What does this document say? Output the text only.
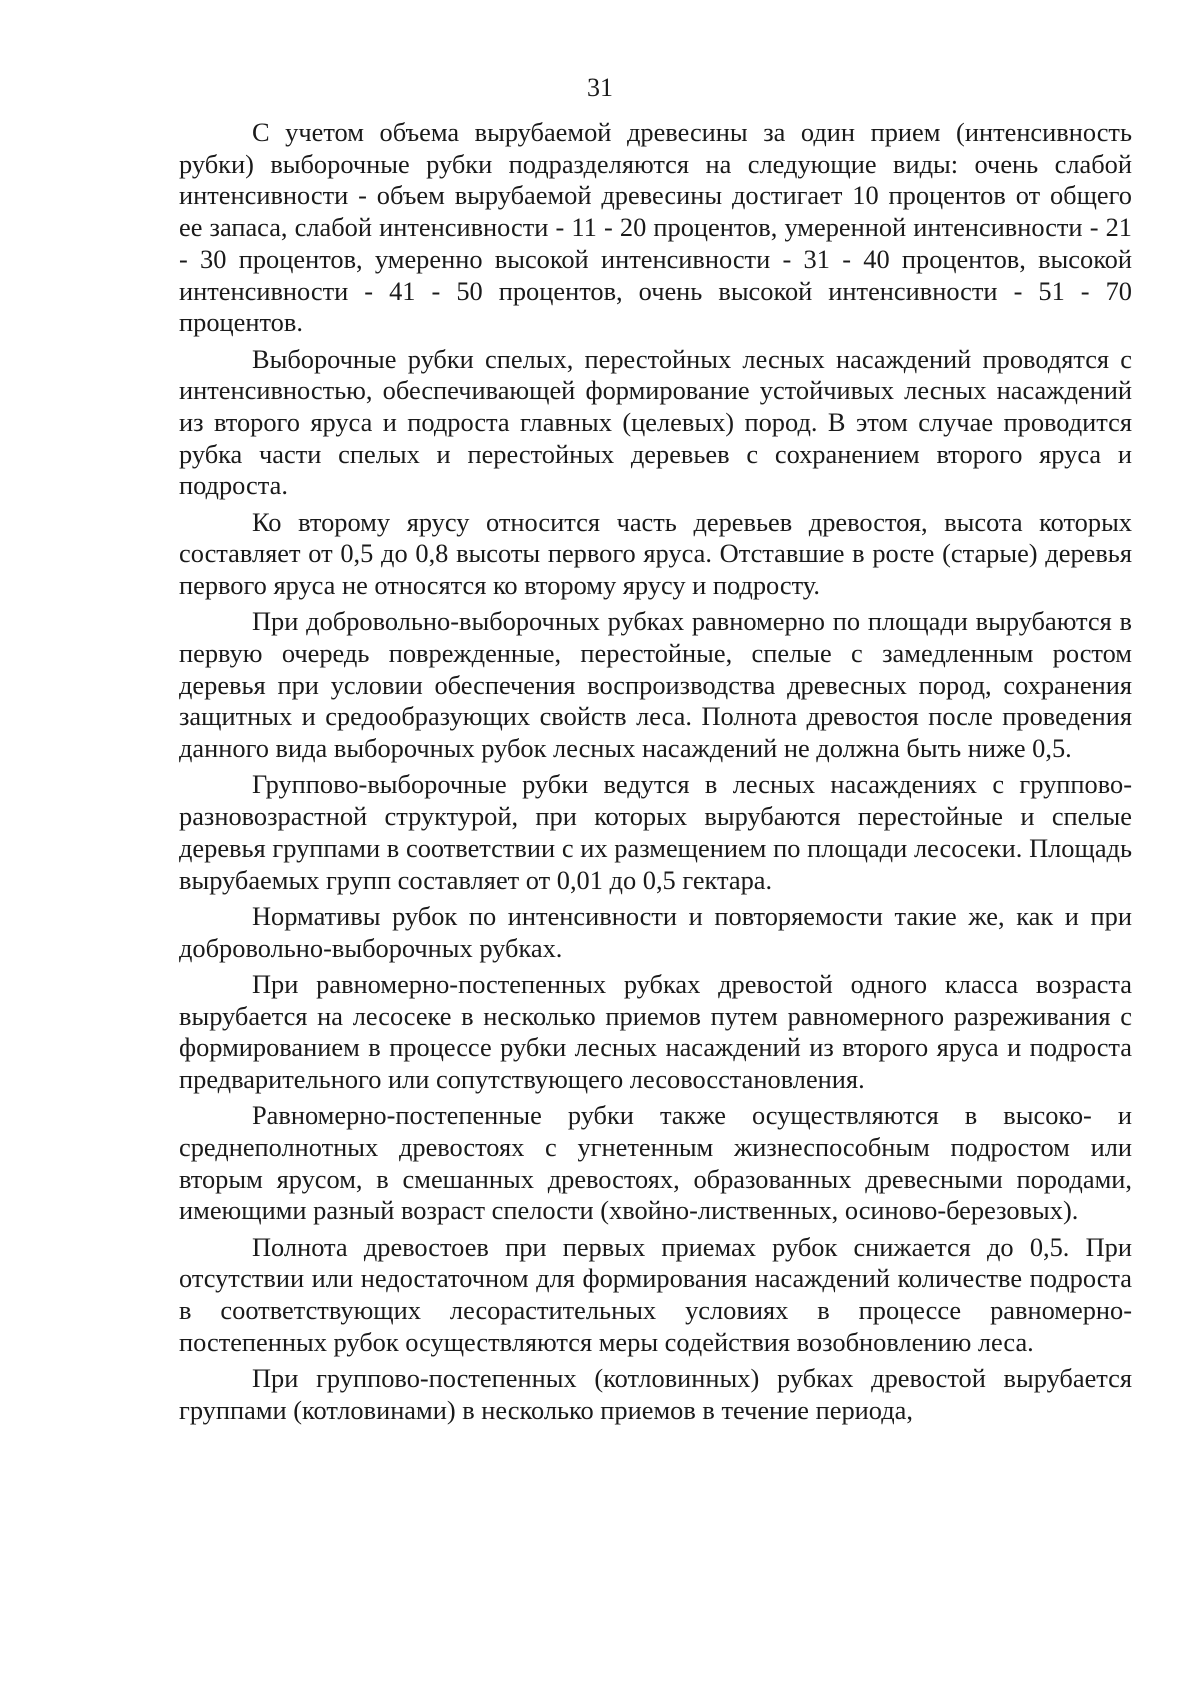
31

С учетом объема вырубаемой древесины за один прием (интенсивность рубки) выборочные рубки подразделяются на следующие виды: очень слабой интенсивности - объем вырубаемой древесины достигает 10 процентов от общего ее запаса, слабой интенсивности - 11 - 20 процентов, умеренной интенсивности - 21 - 30 процентов, умеренно высокой интенсивности - 31 - 40 процентов, высокой интенсивности - 41 - 50 процентов, очень высокой интенсивности - 51 - 70 процентов.

Выборочные рубки спелых, перестойных лесных насаждений проводятся с интенсивностью, обеспечивающей формирование устойчивых лесных насаждений из второго яруса и подроста главных (целевых) пород. В этом случае проводится рубка части спелых и перестойных деревьев с сохранением второго яруса и подроста.

Ко второму ярусу относится часть деревьев древостоя, высота которых составляет от 0,5 до 0,8 высоты первого яруса. Отставшие в росте (старые) деревья первого яруса не относятся ко второму ярусу и подросту.

При добровольно-выборочных рубках равномерно по площади вырубаются в первую очередь поврежденные, перестойные, спелые с замедленным ростом деревья при условии обеспечения воспроизводства древесных пород, сохранения защитных и средообразующих свойств леса. Полнота древостоя после проведения данного вида выборочных рубок лесных насаждений не должна быть ниже 0,5.

Группово-выборочные рубки ведутся в лесных насаждениях с группово-разновозрастной структурой, при которых вырубаются перестойные и спелые деревья группами в соответствии с их размещением по площади лесосеки. Площадь вырубаемых групп составляет от 0,01 до 0,5 гектара.

Нормативы рубок по интенсивности и повторяемости такие же, как и при добровольно-выборочных рубках.

При равномерно-постепенных рубках древостой одного класса возраста вырубается на лесосеке в несколько приемов путем равномерного разреживания с формированием в процессе рубки лесных насаждений из второго яруса и подроста предварительного или сопутствующего лесовосстановления.

Равномерно-постепенные рубки также осуществляются в высоко- и среднеполнотных древостоях с угнетенным жизнеспособным подростом или вторым ярусом, в смешанных древостоях, образованных древесными породами, имеющими разный возраст спелости (хвойно-лиственных, осиново-березовых).

Полнота древостоев при первых приемах рубок снижается до 0,5. При отсутствии или недостаточном для формирования насаждений количестве подроста в соответствующих лесорастительных условиях в процессе равномерно-постепенных рубок осуществляются меры содействия возобновлению леса.

При группово-постепенных (котловинных) рубках древостой вырубается группами (котловинами) в несколько приемов в течение периода,
